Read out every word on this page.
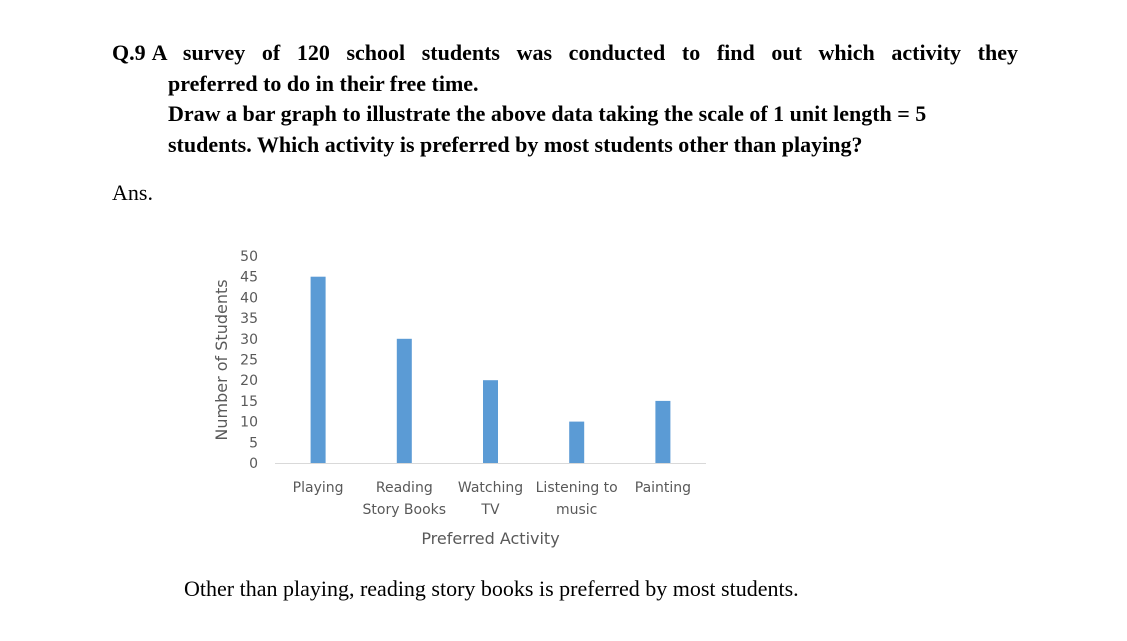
Q.9 A survey of 120 school students was conducted to find out which activity they
preferred to do in their free time.
Draw a bar graph to illustrate the above data taking the scale of 1 unit length = 5
students. Which activity is preferred by most students other than playing?
Ans.
0
5
10
15
20
25
30
35
40
45
50
Playing	Reading Story Books
Watching TV
Listening to music
Painting
Preferred Activity
Number of Students
Other than playing, reading story books is preferred by most students.
